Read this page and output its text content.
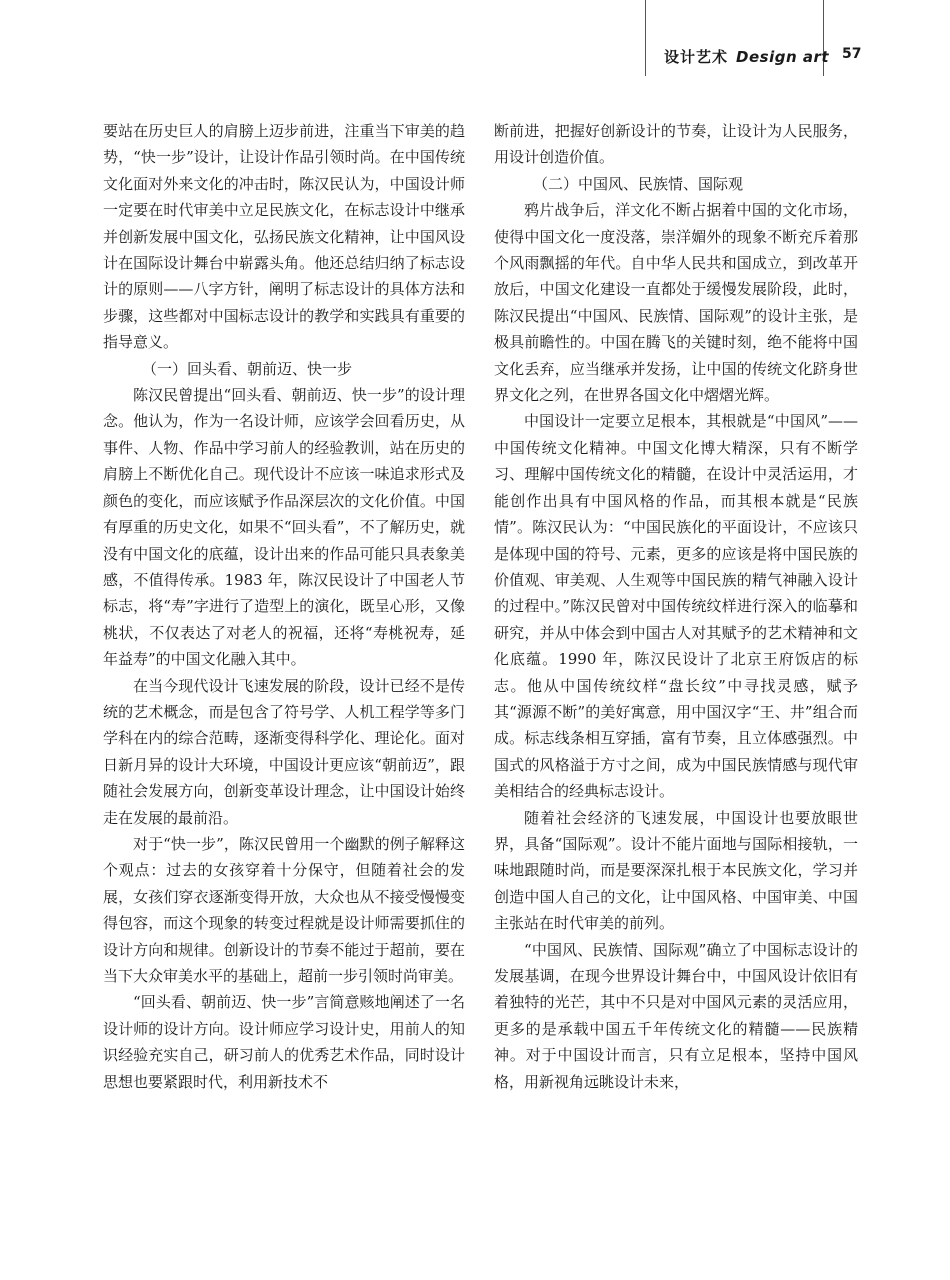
设计艺术 Design art 57

要站在历史巨人的肩膀上迈步前进，注重当下审美的趋势，“快一步”设计，让设计作品引领时尚。在中国传统文化面对外来文化的冲击时，陈汉民认为，中国设计师一定要在时代审美中立足民族文化，在标志设计中继承并创新发展中国文化，弘扬民族文化精神，让中国风设计在国际设计舞台中崭露头角。他还总结归纳了标志设计的原则——八字方针，阐明了标志设计的具体方法和步骤，这些都对中国标志设计的教学和实践具有重要的指导意义。

（一）回头看、朝前迈、快一步

陈汉民曾提出“回头看、朝前迈、快一步”的设计理念。他认为，作为一名设计师，应该学会回看历史，从事件、人物、作品中学习前人的经验教训，站在历史的肩膀上不断优化自己。现代设计不应该一味追求形式及颜色的变化，而应该赋予作品深层次的文化价值。中国有厚重的历史文化，如果不“回头看”，不了解历史，就没有中国文化的底蕴，设计出来的作品可能只具表象美感，不值得传承。1983 年，陈汉民设计了中国老人节标志，将“寿”字进行了造型上的演化，既呈心形，又像桃状，不仅表达了对老人的祝福，还将“寿桃祝寿，延年益寿”的中国文化融入其中。

在当今现代设计飞速发展的阶段，设计已经不是传统的艺术概念，而是包含了符号学、人机工程学等多门学科在内的综合范畴，逐渐变得科学化、理论化。面对日新月异的设计大环境，中国设计更应该“朝前迈”，跟随社会发展方向，创新变革设计理念，让中国设计始终走在发展的最前沿。

对于“快一步”，陈汉民曾用一个幽默的例子解释这个观点：过去的女孩穿着十分保守，但随着社会的发展，女孩们穿衣逐渐变得开放，大众也从不接受慢慢变得包容，而这个现象的转变过程就是设计师需要抓住的设计方向和规律。创新设计的节奏不能过于超前，要在当下大众审美水平的基础上，超前一步引领时尚审美。

“回头看、朝前迈、快一步”言简意赅地阐述了一名设计师的设计方向。设计师应学习设计史，用前人的知识经验充实自己，研习前人的优秀艺术作品，同时设计思想也要紧跟时代，利用新技术不

断前进，把握好创新设计的节奏，让设计为人民服务，用设计创造价值。

（二）中国风、民族情、国际观

鸦片战争后，洋文化不断占据着中国的文化市场，使得中国文化一度没落，崇洋媚外的现象不断充斥着那个风雨飘摇的年代。自中华人民共和国成立，到改革开放后，中国文化建设一直都处于缓慢发展阶段，此时，陈汉民提出“中国风、民族情、国际观”的设计主张，是极具前瞻性的。中国在腾飞的关键时刻，绝不能将中国文化丢弃，应当继承并发扬，让中国的传统文化跻身世界文化之列，在世界各国文化中熠熠光辉。

中国设计一定要立足根本，其根就是“中国风”——中国传统文化精神。中国文化博大精深，只有不断学习、理解中国传统文化的精髓，在设计中灵活运用，才能创作出具有中国风格的作品，而其根本就是“民族情”。陈汉民认为：“中国民族化的平面设计，不应该只是体现中国的符号、元素，更多的应该是将中国民族的价值观、审美观、人生观等中国民族的精气神融入设计的过程中。”陈汉民曾对中国传统纹样进行深入的临摹和研究，并从中体会到中国古人对其赋予的艺术精神和文化底蕴。1990 年，陈汉民设计了北京王府饭店的标志。他从中国传统纹样“盘长纹”中寻找灵感，赋予其“源源不断”的美好寓意，用中国汉字“王、井”组合而成。标志线条相互穿插，富有节奏，且立体感强烈。中国式的风格溢于方寸之间，成为中国民族情感与现代审美相结合的经典标志设计。

随着社会经济的飞速发展，中国设计也要放眼世界，具备“国际观”。设计不能片面地与国际相接轨，一味地跟随时尚，而是要深深扎根于本民族文化，学习并创造中国人自己的文化，让中国风格、中国审美、中国主张站在时代审美的前列。

“中国风、民族情、国际观”确立了中国标志设计的发展基调，在现今世界设计舞台中，中国风设计依旧有着独特的光芒，其中不只是对中国风元素的灵活应用，更多的是承载中国五千年传统文化的精髓——民族精神。对于中国设计而言，只有立足根本，坚持中国风格，用新视角远眺设计未来，
